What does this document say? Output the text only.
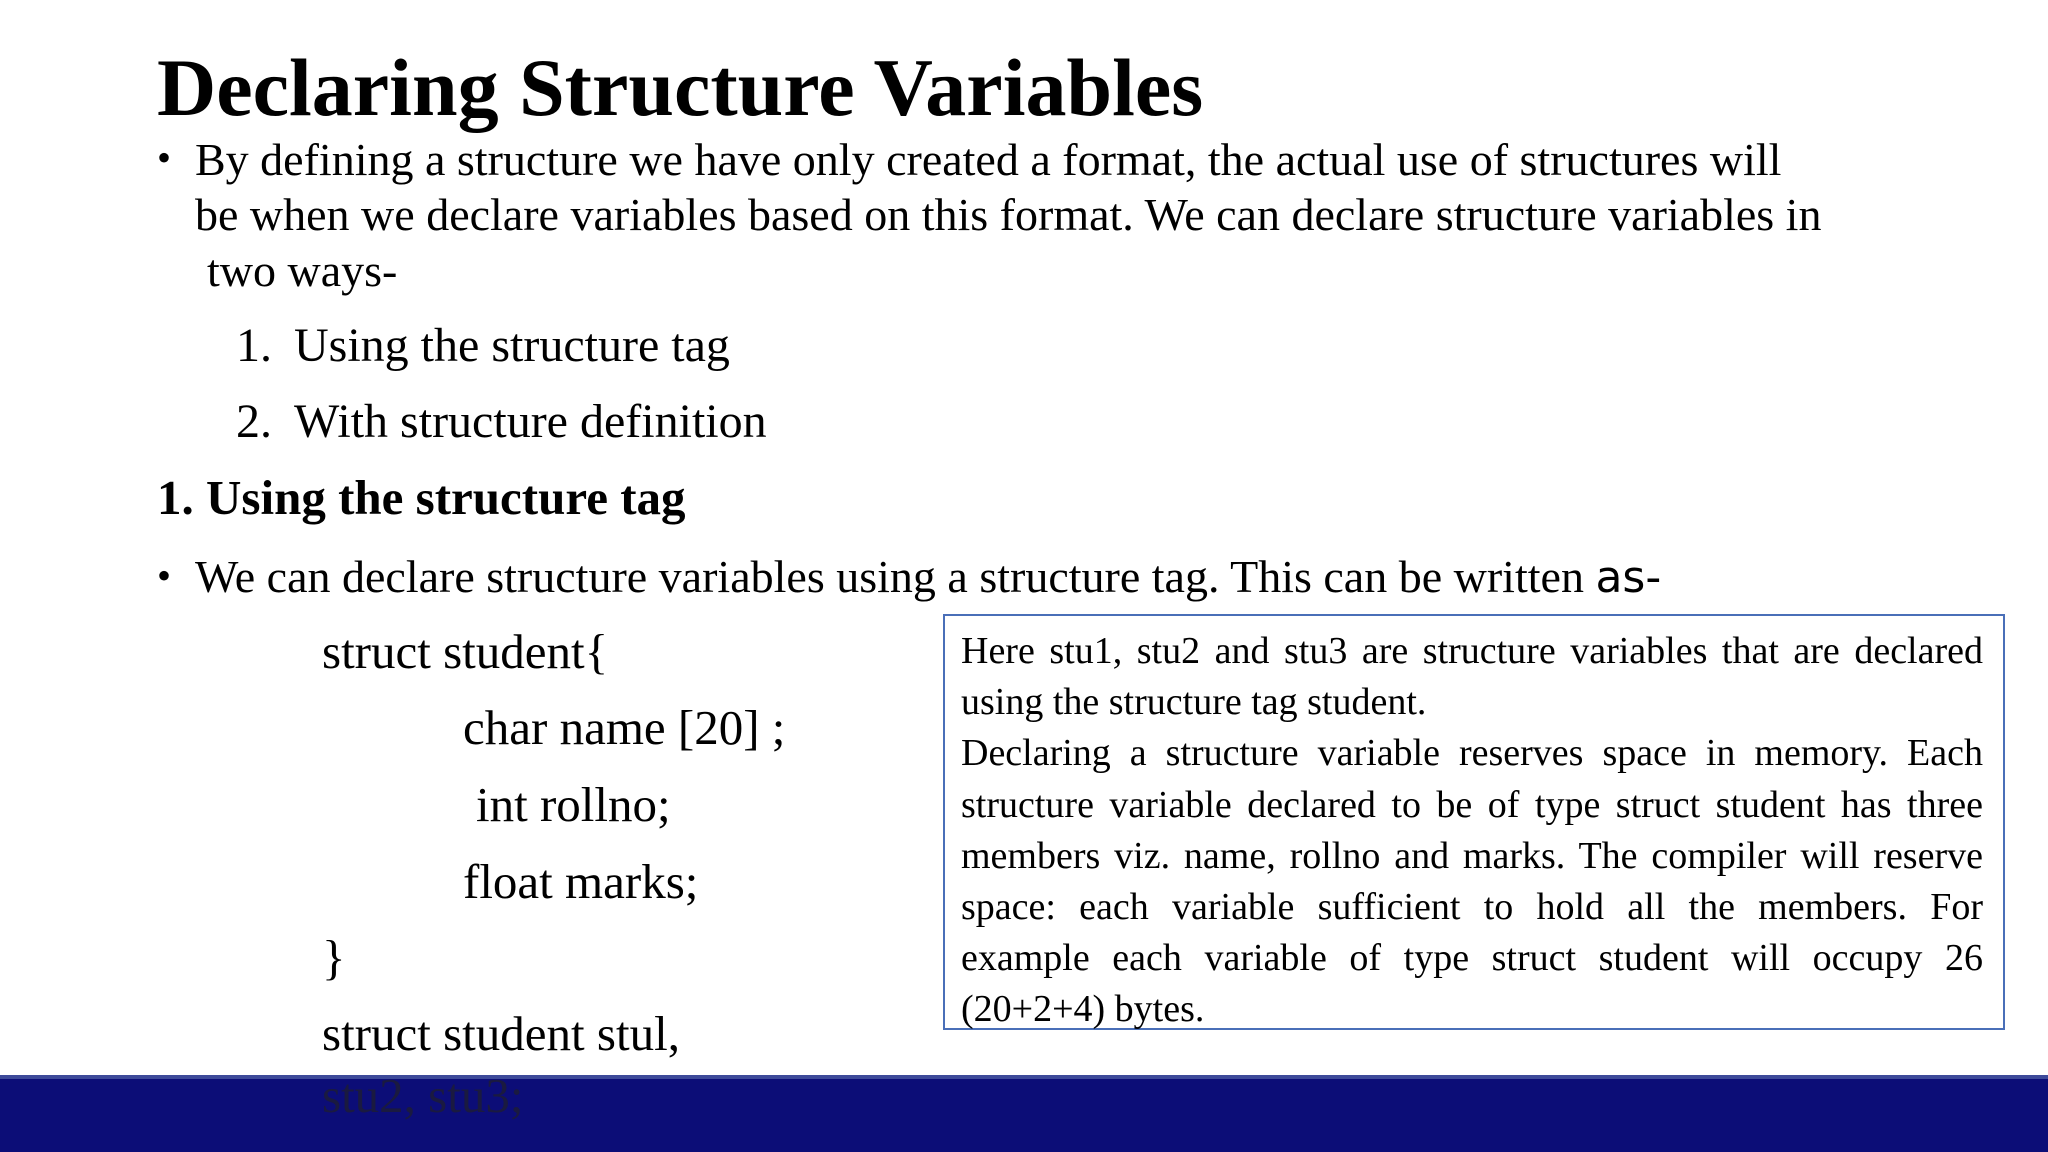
Declaring Structure Variables
• By defining a structure we have only created a format, the actual use of structures will
be when we declare variables based on this format. We can declare structure variables in
two ways-
1. Using the structure tag
2. With structure definition
1. Using the structure tag
• We can declare structure variables using a structure tag. This can be written as-
struct student{
char name [20] ;
int rollno;
float marks;
}
struct student stul,

Here stu1, stu2 and stu3 are structure variables that are declared using the structure tag student.

Declaring a structure variable reserves space in memory. Each structure variable declared to be of type struct student has three members viz. name, rollno and marks. The compiler will reserve space: each variable sufficient to hold all the members. For example each variable of type struct student will occupy 26 (20+2+4) bytes.

stu2, stu3;
